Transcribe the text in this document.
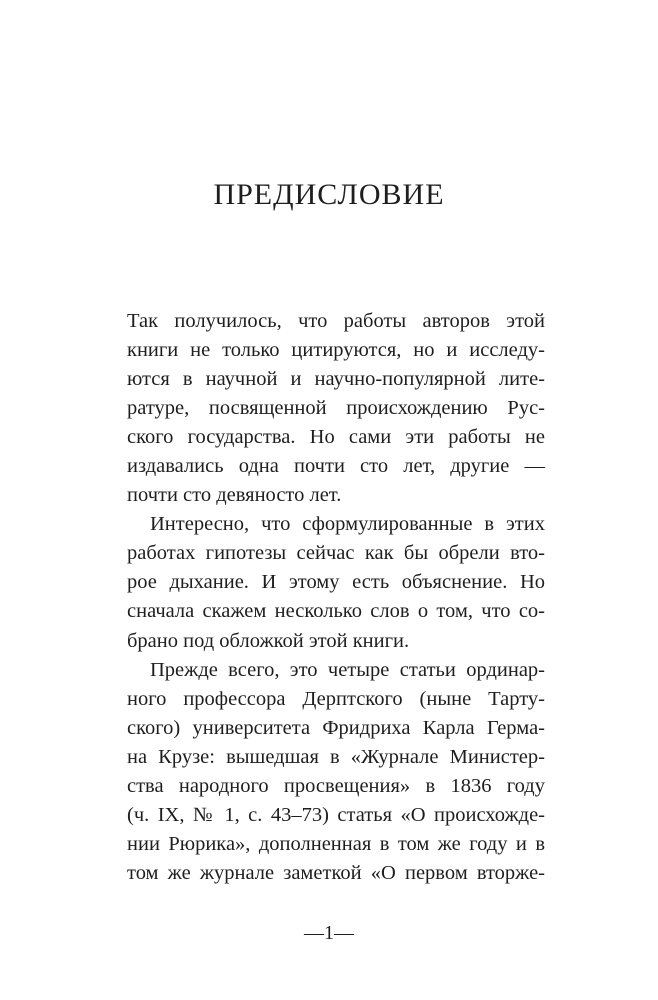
ПРЕДИСЛОВИЕ
Так получилось, что работы авторов этой
книги не только цитируются, но и исследу-
ются в научной и научно-популярной лите-
ратуре, посвященной происхождению Рус-
ского государства. Но сами эти работы не
издавались одна почти сто лет, другие —
почти сто девяносто лет.
Интересно, что сформулированные в этих
работах гипотезы сейчас как бы обрели вто-
рое дыхание. И этому есть объяснение. Но
сначала скажем несколько слов о том, что со-
брано под обложкой этой книги.
Прежде всего, это четыре статьи ординар-
ного профессора Дерптского (ныне Тарту-
ского) университета Фридриха Карла Герма-
на Крузе: вышедшая в «Журнале Министер-
ства народного просвещения» в 1836 году
(ч. IX, № 1, с. 43–73) статья «О происхожде-
нии Рюрика», дополненная в том же году и в
том же журнале заметкой «О первом вторже-
—1—
